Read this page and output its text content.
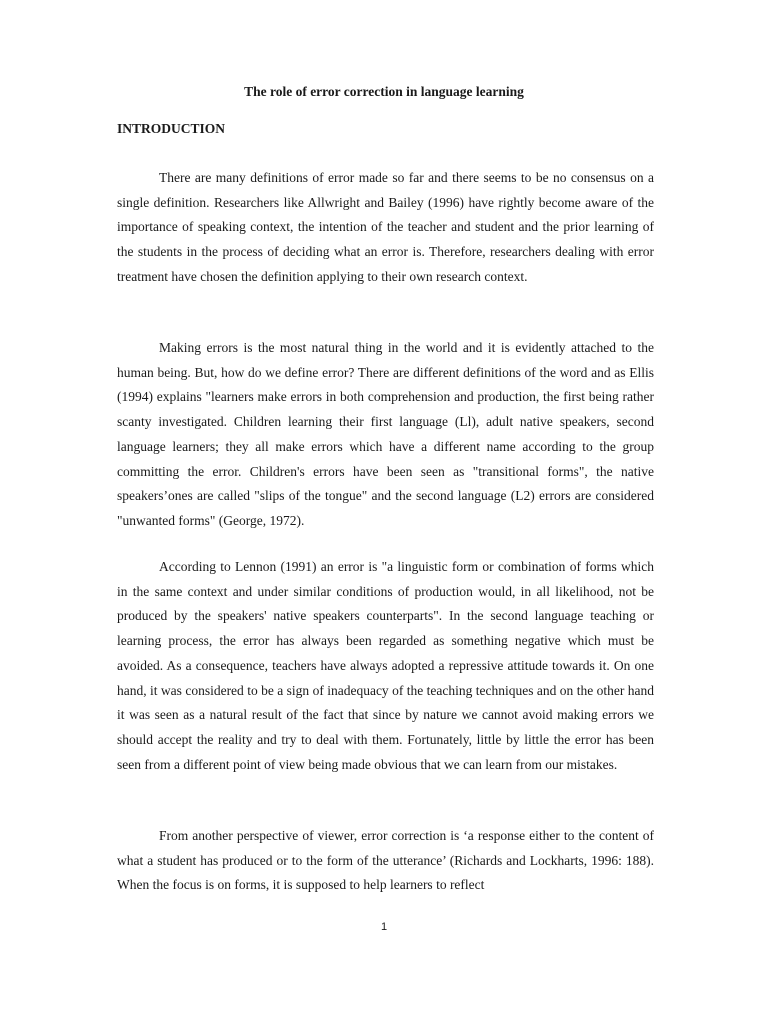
The role of error correction in language learning
INTRODUCTION

There are many definitions of error made so far and there seems to be no consensus on a single definition. Researchers like Allwright and Bailey (1996) have rightly become aware of the importance of speaking context, the intention of the teacher and student and the prior learning of the students in the process of deciding what an error is. Therefore, researchers dealing with error treatment have chosen the definition applying to their own research context.

Making errors is the most natural thing in the world and it is evidently attached to the human being. But, how do we define error? There are different definitions of the word and as Ellis (1994) explains "learners make errors in both comprehension and production, the first being rather scanty investigated. Children learning their first language (Ll), adult native speakers, second language learners; they all make errors which have a different name according to the group committing the error. Children's errors have been seen as "transitional forms", the native speakers’ones are called "slips of the tongue" and the second language (L2) errors are considered "unwanted forms" (George, 1972).

According to Lennon (1991) an error is "a linguistic form or combination of forms which in the same context and under similar conditions of production would, in all likelihood, not be produced by the speakers' native speakers counterparts". In the second language teaching or learning process, the error has always been regarded as something negative which must be avoided. As a consequence, teachers have always adopted a repressive attitude towards it. On one hand, it was considered to be a sign of inadequacy of the teaching techniques and on the other hand it was seen as a natural result of the fact that since by nature we cannot avoid making errors we should accept the reality and try to deal with them. Fortunately, little by little the error has been seen from a different point of view being made obvious that we can learn from our mistakes.

From another perspective of viewer, error correction is ‘a response either to the content of what a student has produced or to the form of the utterance’ (Richards and Lockharts, 1996: 188). When the focus is on forms, it is supposed to help learners to reflect

1
